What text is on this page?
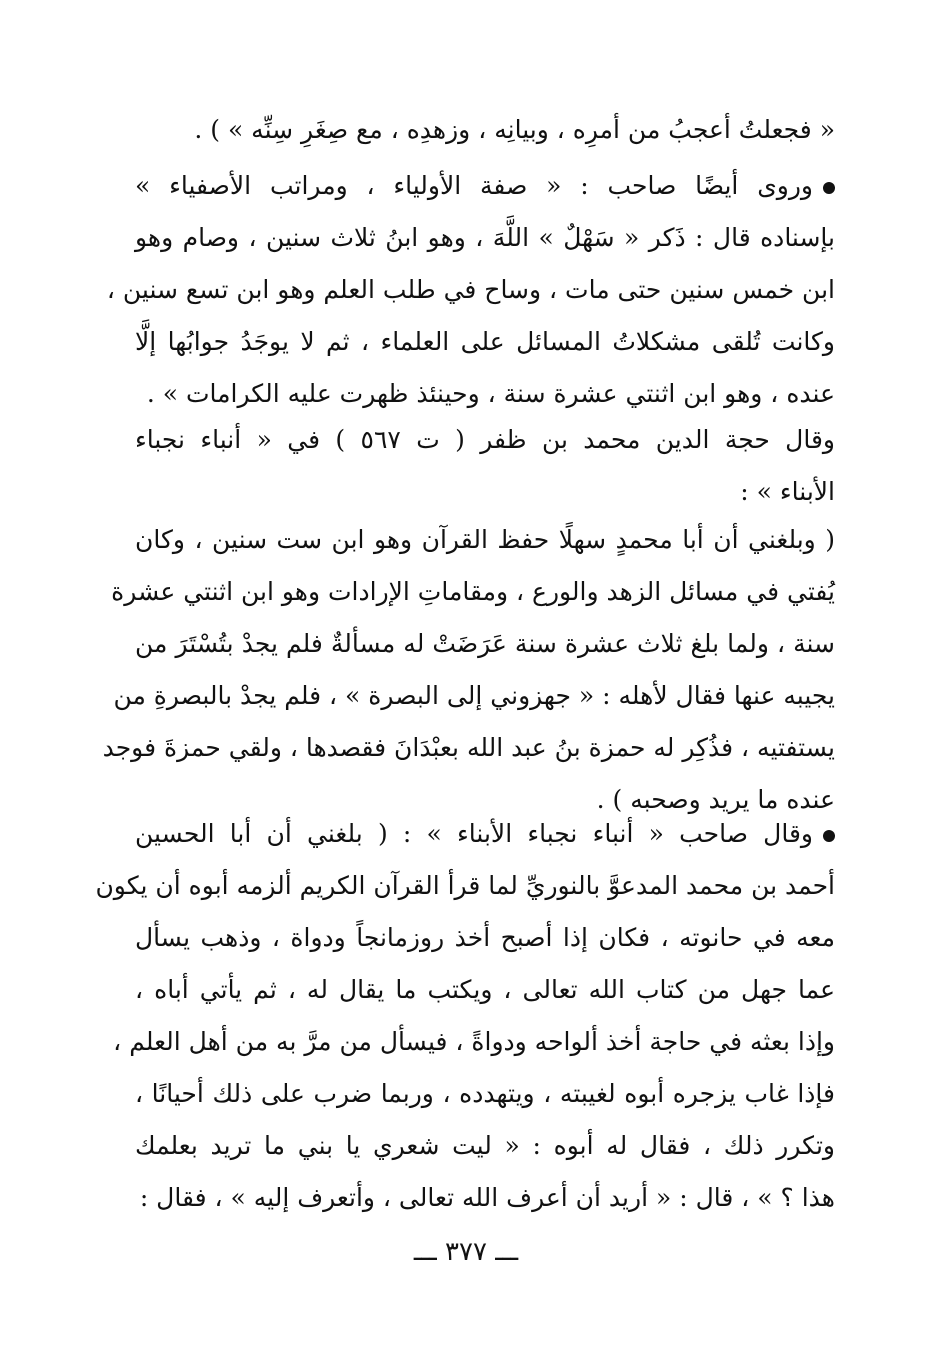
« فجعلتُ أعجبُ من أمرِه ، وبيانِه ، وزهدِه ، مع صِغَرِ سِنِّه » ) .
وروى أيضًا صاحب : « صفة الأولياء ، ومراتب الأصفياء »
بإسناده قال : ذَكر « سَهْلٌ » اللَّهَ ، وهو ابنُ ثلاث سنين ، وصام وهو
ابن خمس سنين حتى مات ، وساح في طلب العلم وهو ابن تسع سنين ،
وكانت تُلقى مشكلاتُ المسائل على العلماء ، ثم لا يوجَدُ جوابُها إلَّا
عنده ، وهو ابن اثنتي عشرة سنة ، وحينئذ ظهرت عليه الكرامات » .
وقال حجة الدين محمد بن ظفر ( ت ٥٦٧ ) في « أنباء نجباء
الأبناء » :
( وبلغني أن أبا محمدٍ سهلًا حفظ القرآن وهو ابن ست سنين ، وكان
يُفتي في مسائل الزهد والورع ، ومقاماتِ الإرادات وهو ابن اثنتي عشرة
سنة ، ولما بلغ ثلاث عشرة سنة عَرَضَتْ له مسألةٌ فلم يجدْ بتُسْتَرَ من
يجيبه عنها فقال لأهله : « جهزوني إلى البصرة » ، فلم يجدْ بالبصرةِ من
يستفتيه ، فذُكِر له حمزة بنُ عبد الله بعبْدَانَ فقصدها ، ولقي حمزةَ فوجد
عنده ما يريد وصحبه ) .
وقال صاحب « أنباء نجباء الأبناء » : ( بلغني أن أبا الحسين
أحمد بن محمد المدعوَّ بالنوريِّ لما قرأ القرآن الكريم ألزمه أبوه أن يكون
معه في حانوته ، فكان إذا أصبح أخذ روزمانجاً ودواة ، وذهب يسأل
عما جهل من كتاب الله تعالى ، ويكتب ما يقال له ، ثم يأتي أباه ،
وإذا بعثه في حاجة أخذ ألواحه ودواةً ، فيسأل من مرَّ به من أهل العلم ،
فإذا غاب يزجره أبوه لغيبته ، ويتهدده ، وربما ضرب على ذلك أحيانًا ،
وتكرر ذلك ، فقال له أبوه : « ليت شعري يا بني ما تريد بعلمك
هذا ؟ » ، قال : « أريد أن أعرف الله تعالى ، وأتعرف إليه » ، فقال :
ـــ ٣٧٧ ـــ
